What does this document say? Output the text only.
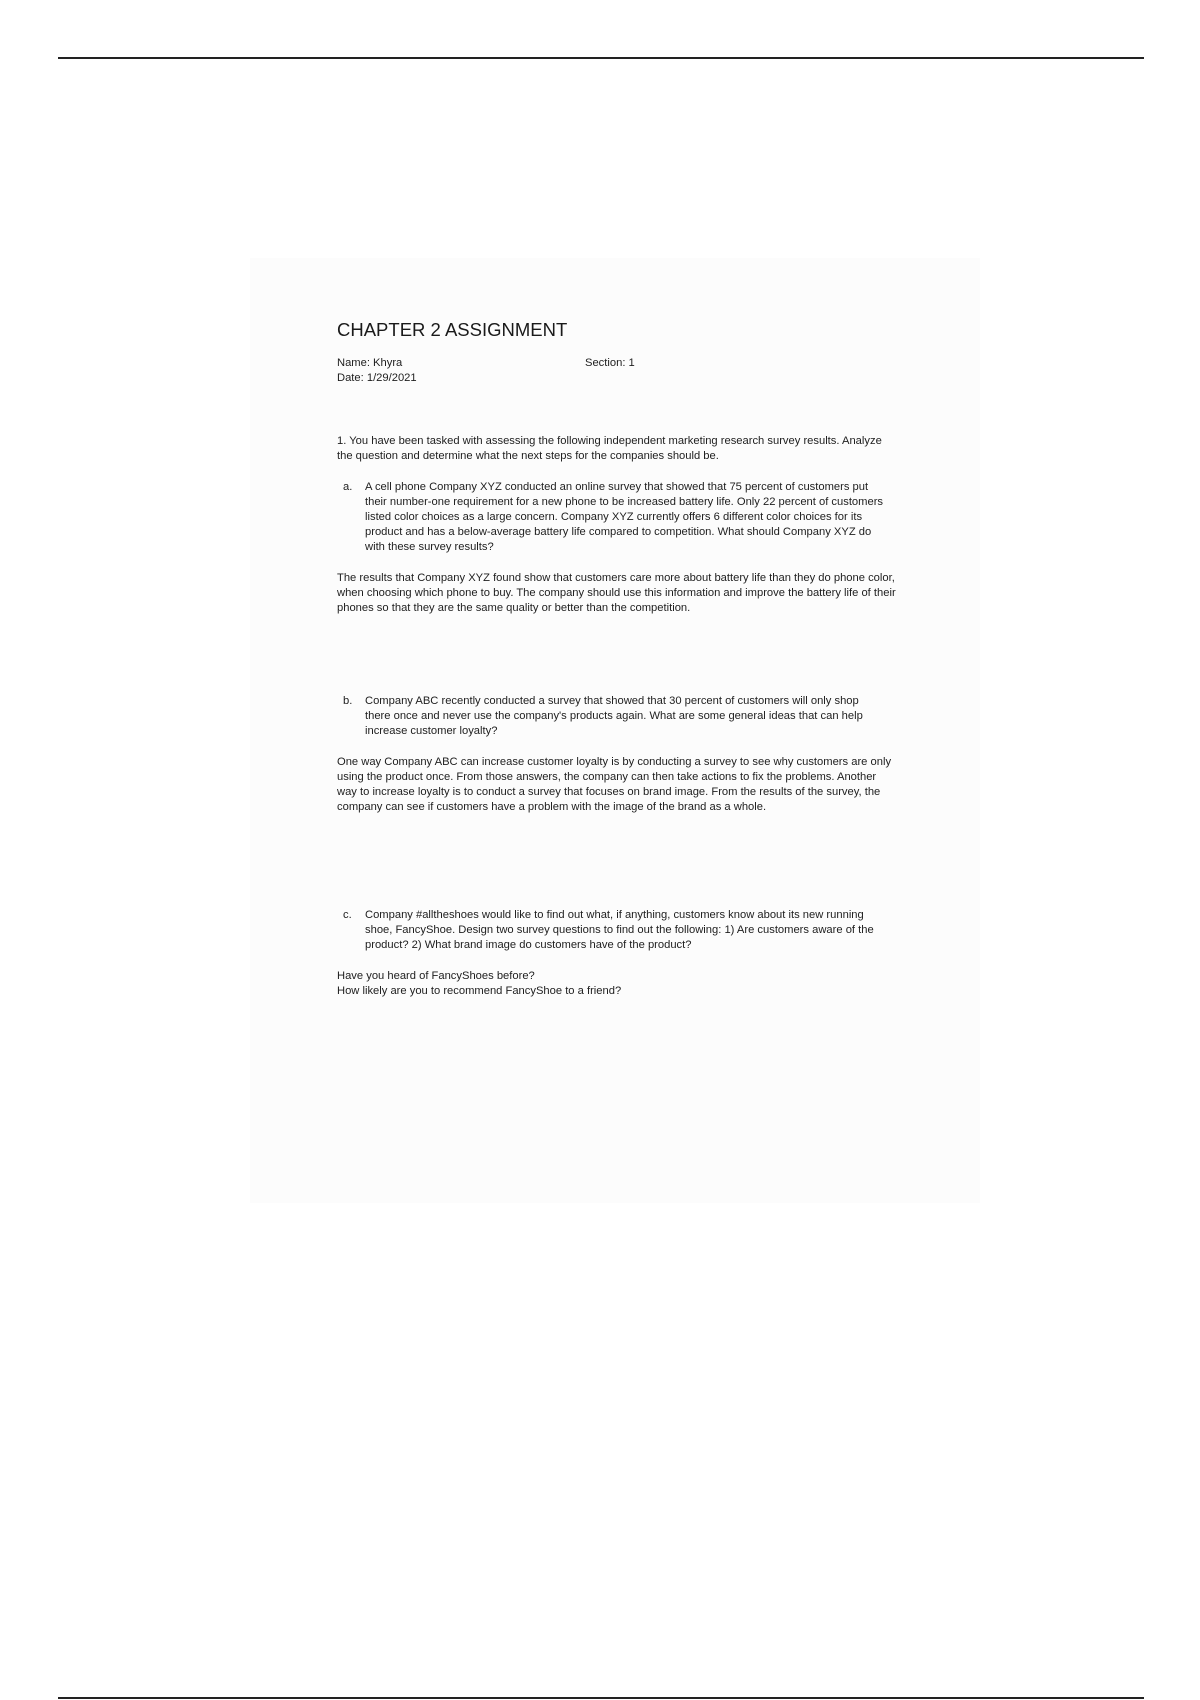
CHAPTER 2 ASSIGNMENT
Name: Khyra	Section: 1
Date: 1/29/2021
1. You have been tasked with assessing the following independent marketing research survey results. Analyze the question and determine what the next steps for the companies should be.
a.	A cell phone Company XYZ conducted an online survey that showed that 75 percent of customers put their number-one requirement for a new phone to be increased battery life. Only 22 percent of customers listed color choices as a large concern. Company XYZ currently offers 6 different color choices for its product and has a below-average battery life compared to competition. What should Company XYZ do with these survey results?
The results that Company XYZ found show that customers care more about battery life than they do phone color, when choosing which phone to buy. The company should use this information and improve the battery life of their phones so that they are the same quality or better than the competition.
b.	Company ABC recently conducted a survey that showed that 30 percent of customers will only shop there once and never use the company's products again. What are some general ideas that can help increase customer loyalty?
One way Company ABC can increase customer loyalty is by conducting a survey to see why customers are only using the product once. From those answers, the company can then take actions to fix the problems. Another way to increase loyalty is to conduct a survey that focuses on brand image. From the results of the survey, the company can see if customers have a problem with the image of the brand as a whole.
c.	Company #alltheshoes would like to find out what, if anything, customers know about its new running shoe, FancyShoe. Design two survey questions to find out the following: 1) Are customers aware of the product? 2) What brand image do customers have of the product?
Have you heard of FancyShoes before?
How likely are you to recommend FancyShoe to a friend?
